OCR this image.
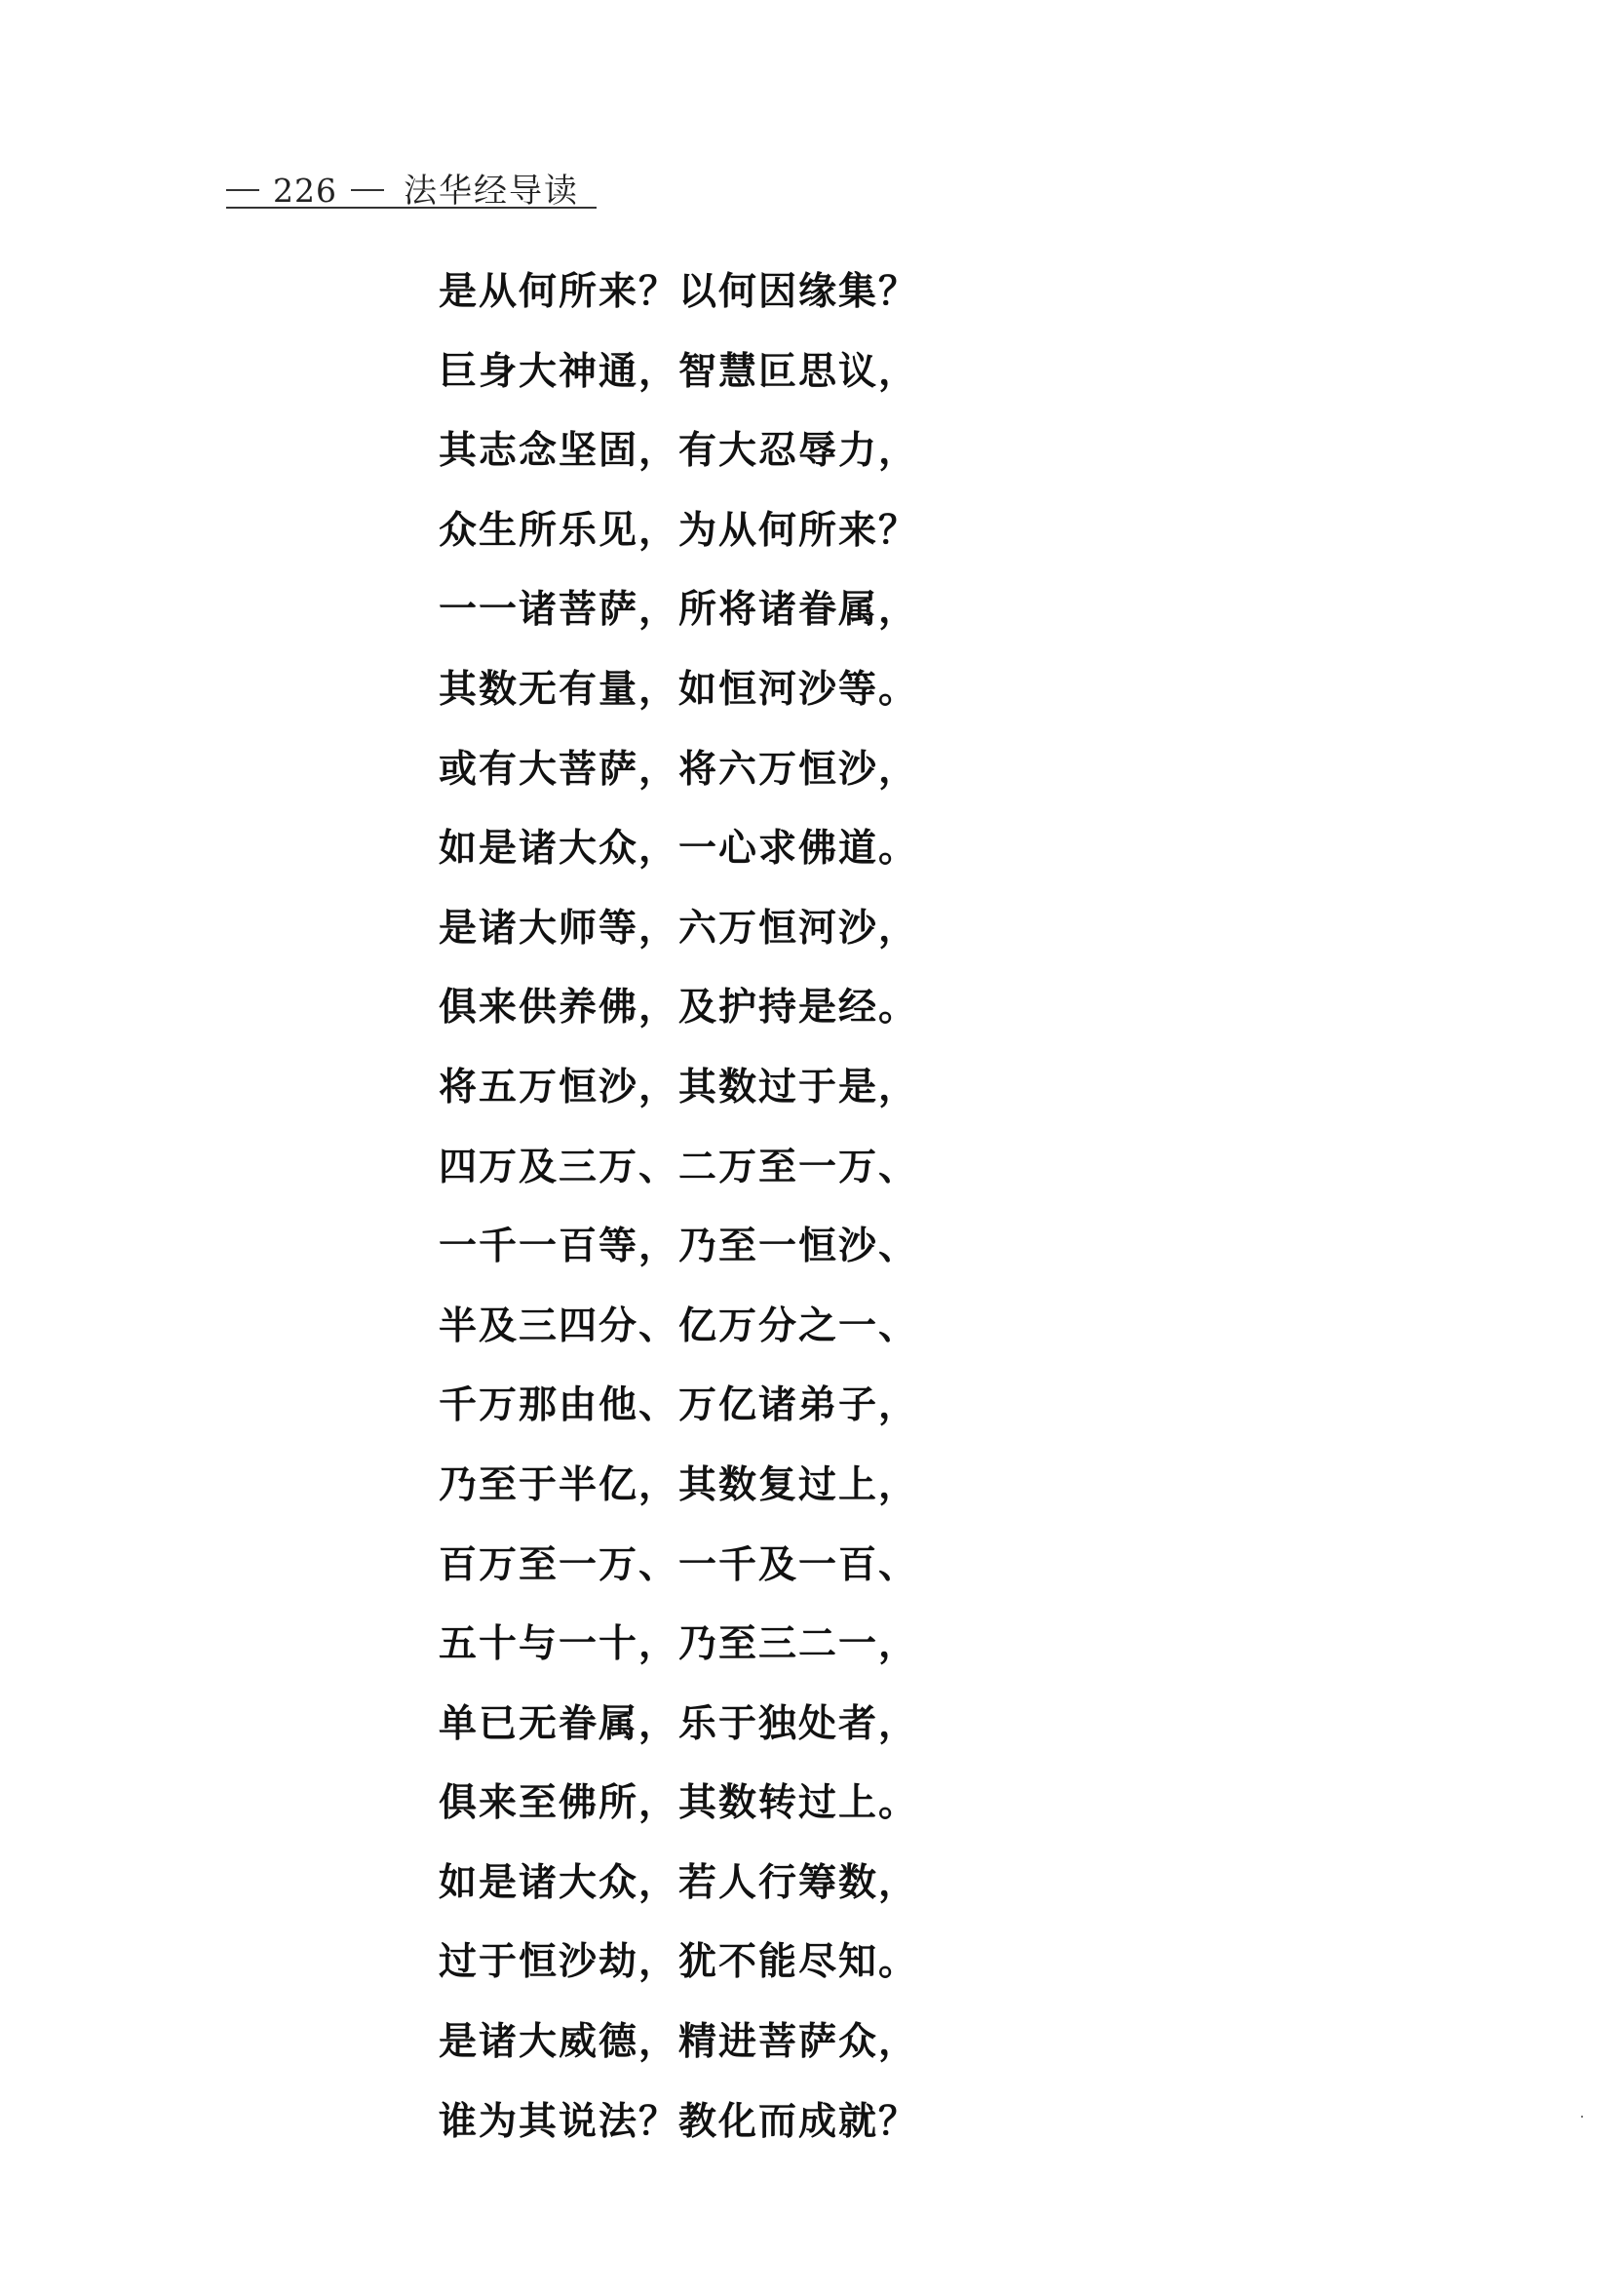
226 法华经导读
是从何所来？以何因缘集？
巨身大神通，智慧叵思议，
其志念坚固，有大忍辱力，
众生所乐见，为从何所来？
一一诸菩萨，所将诸眷属，
其数无有量，如恒河沙等。
或有大菩萨，将六万恒沙，
如是诸大众，一心求佛道。
是诸大师等，六万恒河沙，
俱来供养佛，及护持是经。
将五万恒沙，其数过于是，
四万及三万、二万至一万、
一千一百等，乃至一恒沙、
半及三四分、亿万分之一、
千万那由他、万亿诸弟子，
乃至于半亿，其数复过上，
百万至一万、一千及一百、
五十与一十，乃至三二一，
单已无眷属，乐于独处者，
俱来至佛所，其数转过上。
如是诸大众，若人行筹数，
过于恒沙劫，犹不能尽知。
是诸大威德，精进菩萨众，
谁为其说法？教化而成就？
